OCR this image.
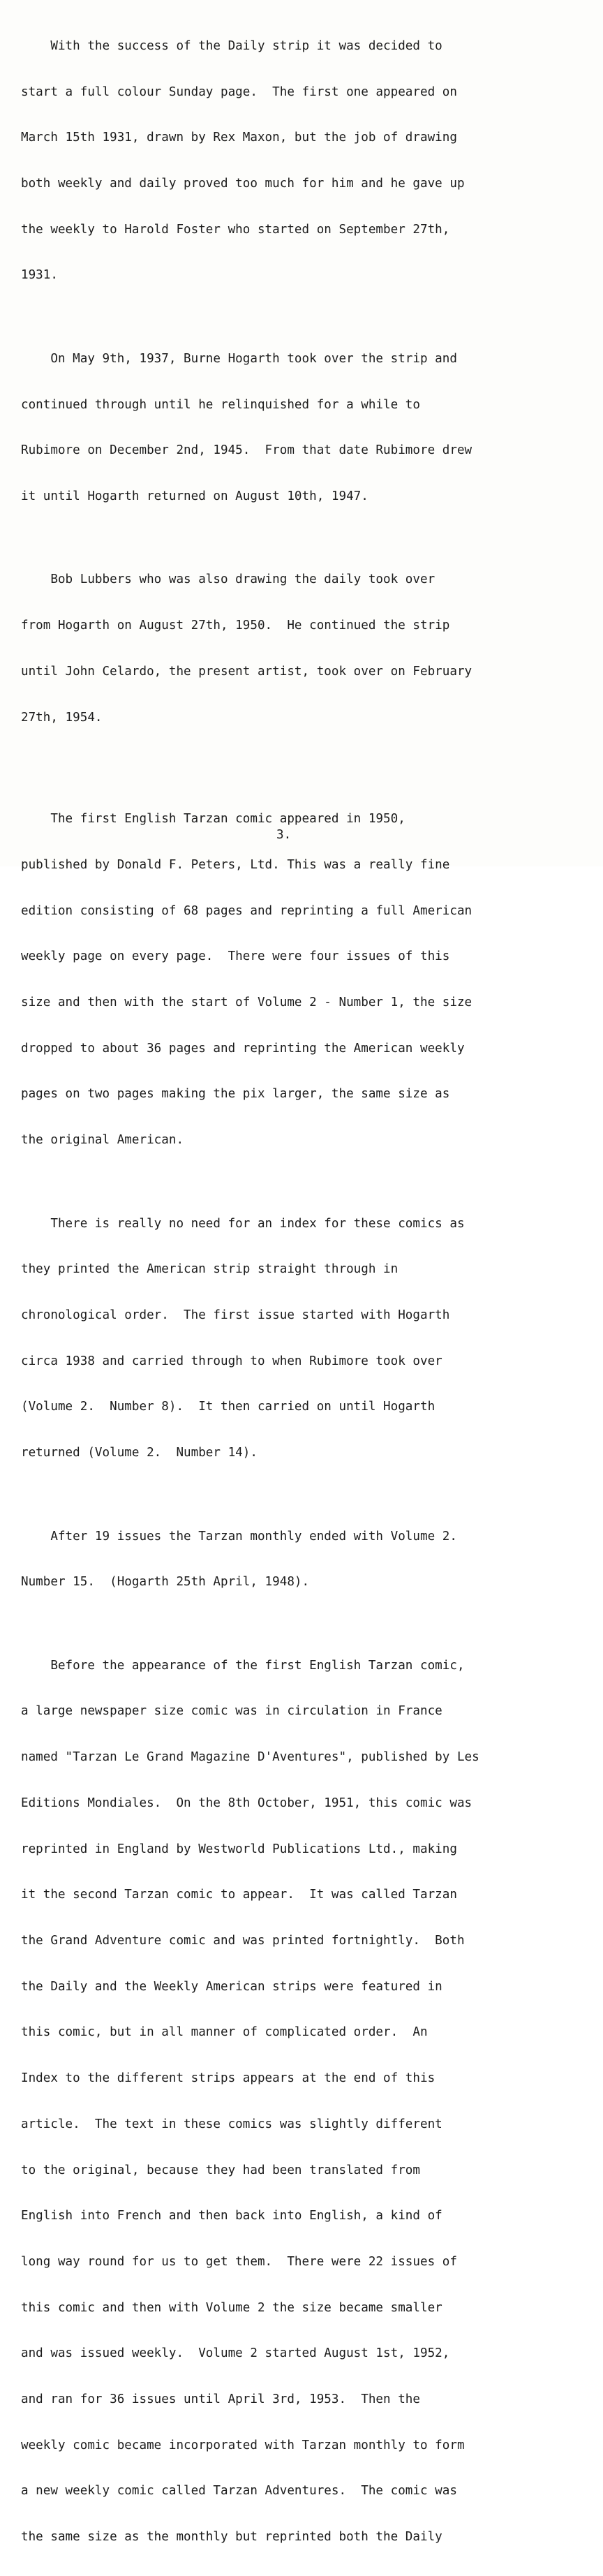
With the success of the Daily strip it was decided to

start a full colour Sunday page.  The first one appeared on

March 15th 1931, drawn by Rex Maxon, but the job of drawing

both weekly and daily proved too much for him and he gave up

the weekly to Harold Foster who started on September 27th,

1931.

On May 9th, 1937, Burne Hogarth took over the strip and

continued through until he relinquished for a while to

Rubimore on December 2nd, 1945.  From that date Rubimore drew

it until Hogarth returned on August 10th, 1947.

Bob Lubbers who was also drawing the daily took over

from Hogarth on August 27th, 1950.  He continued the strip

until John Celardo, the present artist, took over on February

27th, 1954.

The first English Tarzan comic appeared in 1950,

published by Donald F. Peters, Ltd. This was a really fine

edition consisting of 68 pages and reprinting a full American

weekly page on every page.  There were four issues of this

size and then with the start of Volume 2 - Number 1, the size

dropped to about 36 pages and reprinting the American weekly

pages on two pages making the pix larger, the same size as

the original American.

There is really no need for an index for these comics as

they printed the American strip straight through in

chronological order.  The first issue started with Hogarth

circa 1938 and carried through to when Rubimore took over

(Volume 2.  Number 8).  It then carried on until Hogarth

returned (Volume 2.  Number 14).

After 19 issues the Tarzan monthly ended with Volume 2.

Number 15.  (Hogarth 25th April, 1948).

Before the appearance of the first English Tarzan comic,

a large newspaper size comic was in circulation in France

named "Tarzan Le Grand Magazine D'Aventures", published by Les

Editions Mondiales.  On the 8th October, 1951, this comic was

reprinted in England by Westworld Publications Ltd., making

it the second Tarzan comic to appear.  It was called Tarzan

the Grand Adventure comic and was printed fortnightly.  Both

the Daily and the Weekly American strips were featured in

this comic, but in all manner of complicated order.  An

Index to the different strips appears at the end of this

article.  The text in these comics was slightly different

to the original, because they had been translated from

English into French and then back into English, a kind of

long way round for us to get them.  There were 22 issues of

this comic and then with Volume 2 the size became smaller

and was issued weekly.  Volume 2 started August 1st, 1952,

and ran for 36 issues until April 3rd, 1953.  Then the

weekly comic became incorporated with Tarzan monthly to form

a new weekly comic called Tarzan Adventures.  The comic was

the same size as the monthly but reprinted both the Daily

3.
